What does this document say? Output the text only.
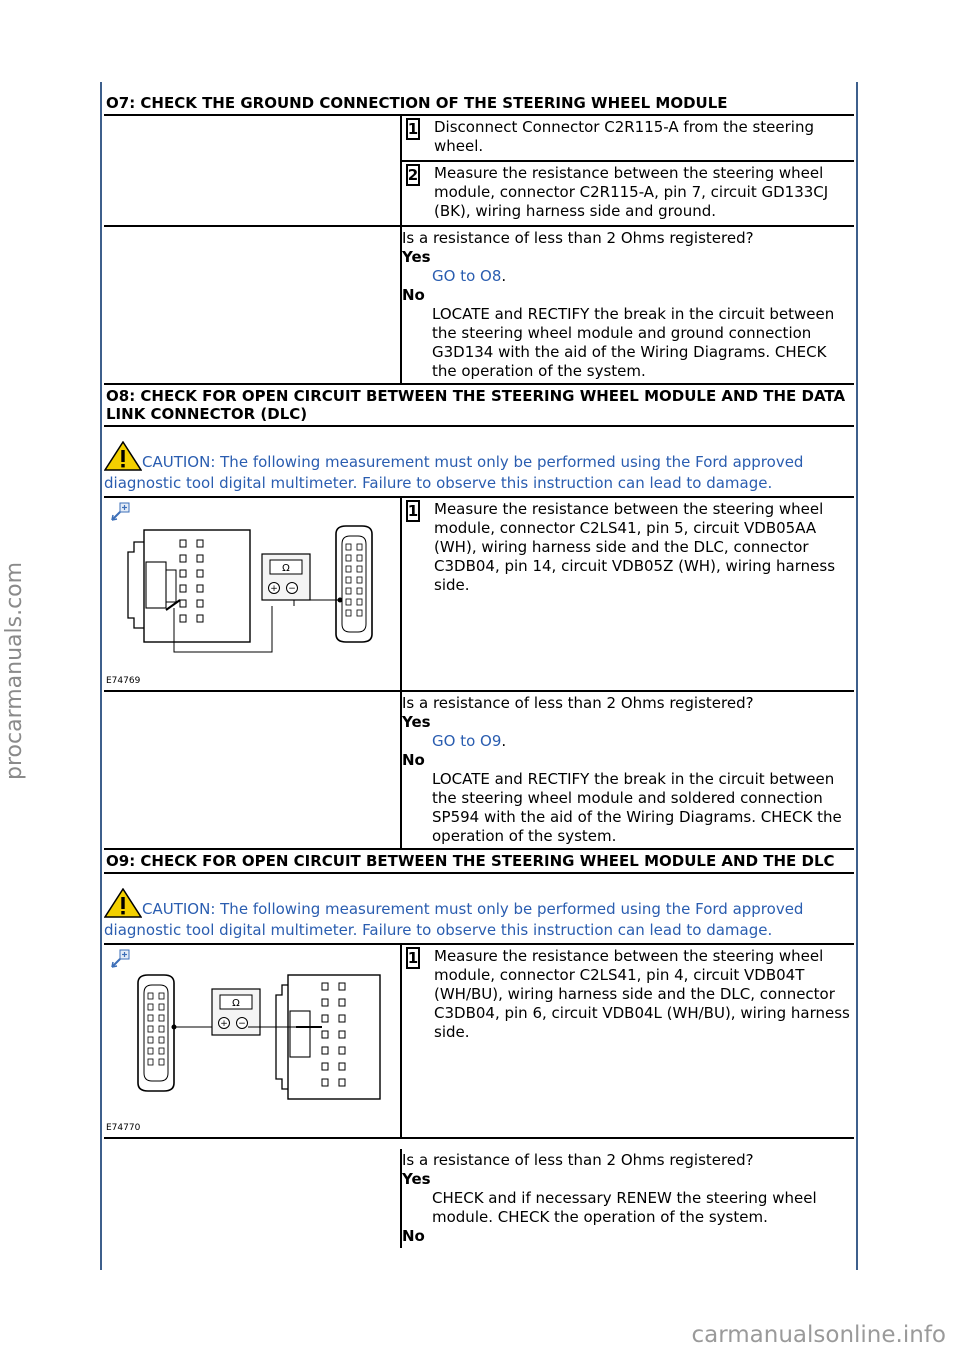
procarmanuals.com
carmanualsonline.info
O7: CHECK THE GROUND CONNECTION OF THE STEERING WHEEL MODULE
1 Disconnect Connector C2R115-A from the steering wheel.
2 Measure the resistance between the steering wheel module, connector C2R115-A, pin 7, circuit GD133CJ (BK), wiring harness side and ground.
Is a resistance of less than 2 Ohms registered?
Yes
GO to O8.
No
LOCATE and RECTIFY the break in the circuit between the steering wheel module and ground connection G3D134 with the aid of the Wiring Diagrams. CHECK the operation of the system.
O8: CHECK FOR OPEN CIRCUIT BETWEEN THE STEERING WHEEL MODULE AND THE DATA LINK CONNECTOR (DLC)
CAUTION: The following measurement must only be performed using the Ford approved diagnostic tool digital multimeter. Failure to observe this instruction can lead to damage.
Ω
+ −
E74769
1 Measure the resistance between the steering wheel module, connector C2LS41, pin 5, circuit VDB05AA (WH), wiring harness side and the DLC, connector C3DB04, pin 14, circuit VDB05Z (WH), wiring harness side.
Is a resistance of less than 2 Ohms registered?
Yes
GO to O9.
No
LOCATE and RECTIFY the break in the circuit between the steering wheel module and soldered connection SP594 with the aid of the Wiring Diagrams. CHECK the operation of the system.
O9: CHECK FOR OPEN CIRCUIT BETWEEN THE STEERING WHEEL MODULE AND THE DLC
CAUTION: The following measurement must only be performed using the Ford approved diagnostic tool digital multimeter. Failure to observe this instruction can lead to damage.
Ω
+ −
E74770
1 Measure the resistance between the steering wheel module, connector C2LS41, pin 4, circuit VDB04T (WH/BU), wiring harness side and the DLC, connector C3DB04, pin 6, circuit VDB04L (WH/BU), wiring harness side.
Is a resistance of less than 2 Ohms registered?
Yes
CHECK and if necessary RENEW the steering wheel module. CHECK the operation of the system.
No
